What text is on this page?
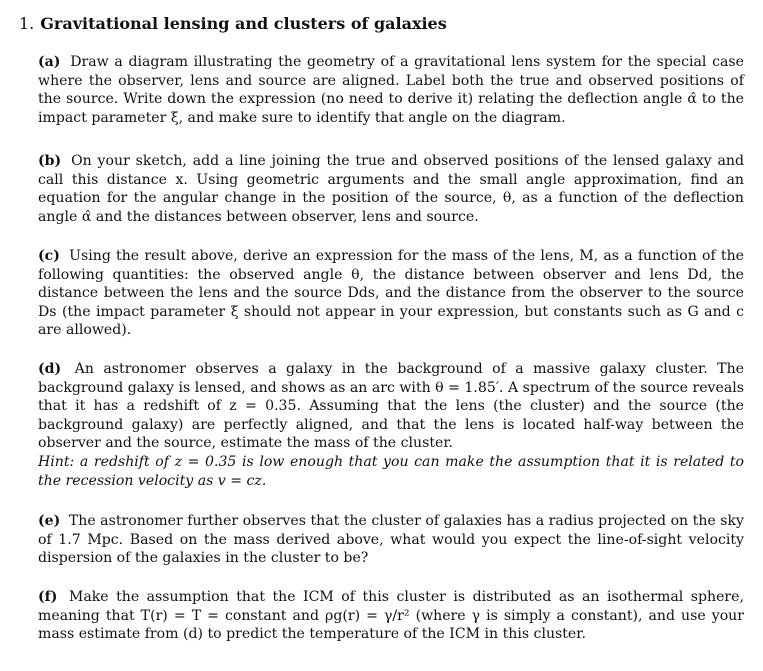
1. Gravitational lensing and clusters of galaxies
(a) Draw a diagram illustrating the geometry of a gravitational lens system for the special case where the observer, lens and source are aligned. Label both the true and observed positions of the source. Write down the expression (no need to derive it) relating the deflection angle α̂ to the impact parameter ξ, and make sure to identify that angle on the diagram.
(b) On your sketch, add a line joining the true and observed positions of the lensed galaxy and call this distance x. Using geometric arguments and the small angle approximation, find an equation for the angular change in the position of the source, θ, as a function of the deflection angle α̂ and the distances between observer, lens and source.
(c) Using the result above, derive an expression for the mass of the lens, M, as a function of the following quantities: the observed angle θ, the distance between observer and lens Dd, the distance between the lens and the source Dds, and the distance from the observer to the source Ds (the impact parameter ξ should not appear in your expression, but constants such as G and c are allowed).
(d) An astronomer observes a galaxy in the background of a massive galaxy cluster. The background galaxy is lensed, and shows as an arc with θ = 1.85′. A spectrum of the source reveals that it has a redshift of z = 0.35. Assuming that the lens (the cluster) and the source (the background galaxy) are perfectly aligned, and that the lens is located half-way between the observer and the source, estimate the mass of the cluster.
Hint: a redshift of z = 0.35 is low enough that you can make the assumption that it is related to the recession velocity as v = cz.
(e) The astronomer further observes that the cluster of galaxies has a radius projected on the sky of 1.7 Mpc. Based on the mass derived above, what would you expect the line-of-sight velocity dispersion of the galaxies in the cluster to be?
(f) Make the assumption that the ICM of this cluster is distributed as an isothermal sphere, meaning that T(r) = T = constant and ρg(r) = γ/r² (where γ is simply a constant), and use your mass estimate from (d) to predict the temperature of the ICM in this cluster.
